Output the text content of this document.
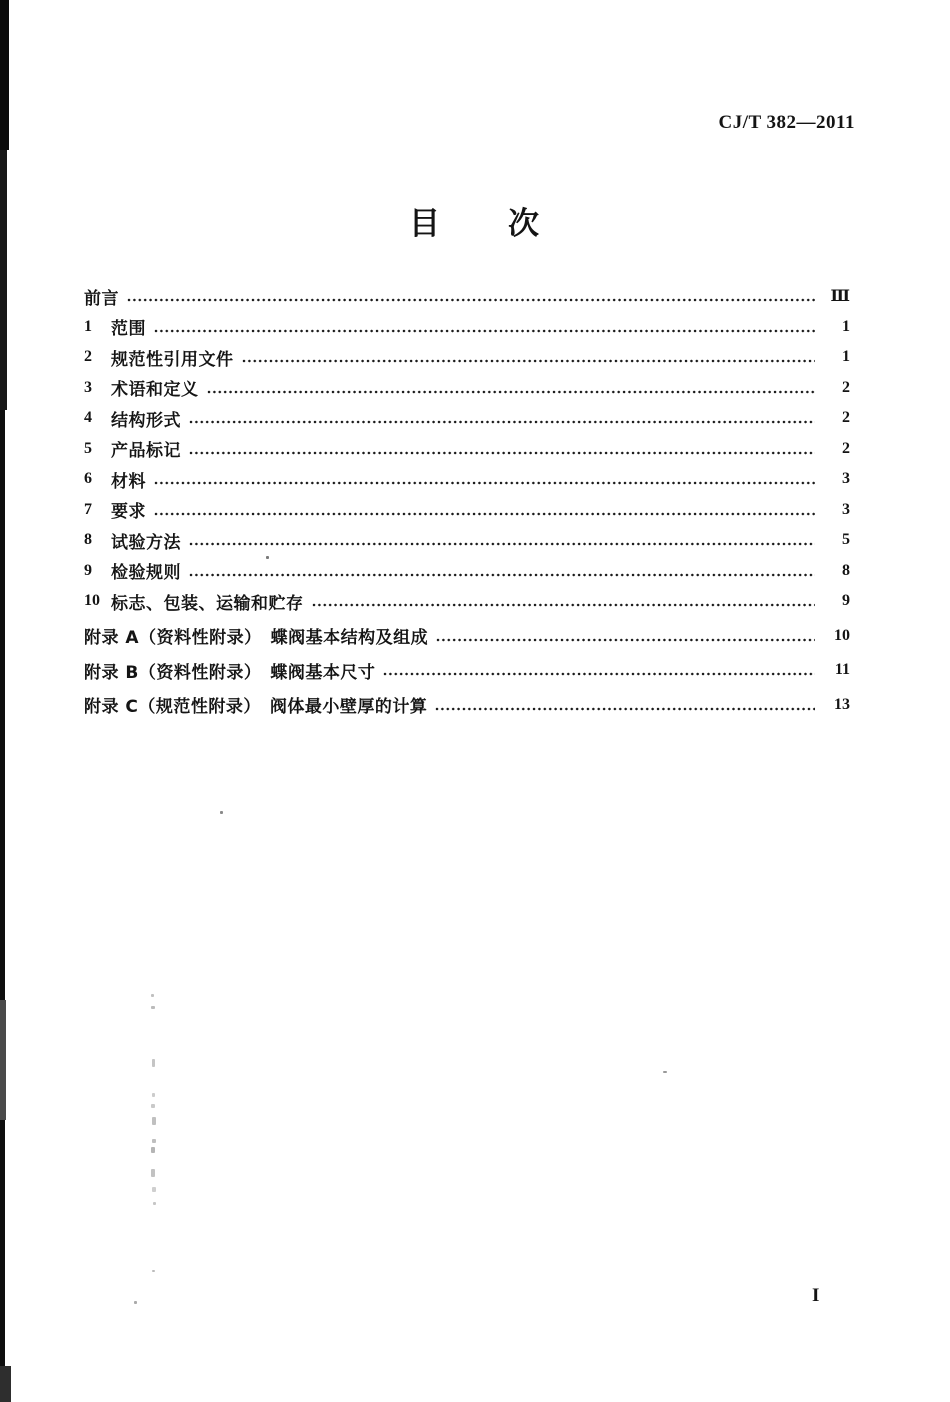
CJ/T 382—2011
目　　次
前言	Ⅲ
1	范围	1
2	规范性引用文件	1
3	术语和定义	2
4	结构形式	2
5	产品标记	2
6	材料	3
7	要求	3
8	试验方法	5
9	检验规则	8
10 标志、包装、运输和贮存	9
附录 A（资料性附录）　蝶阀基本结构及组成	10
附录 B（资料性附录）　蝶阀基本尺寸	11
附录 C（规范性附录）　阀体最小壁厚的计算	13
I
